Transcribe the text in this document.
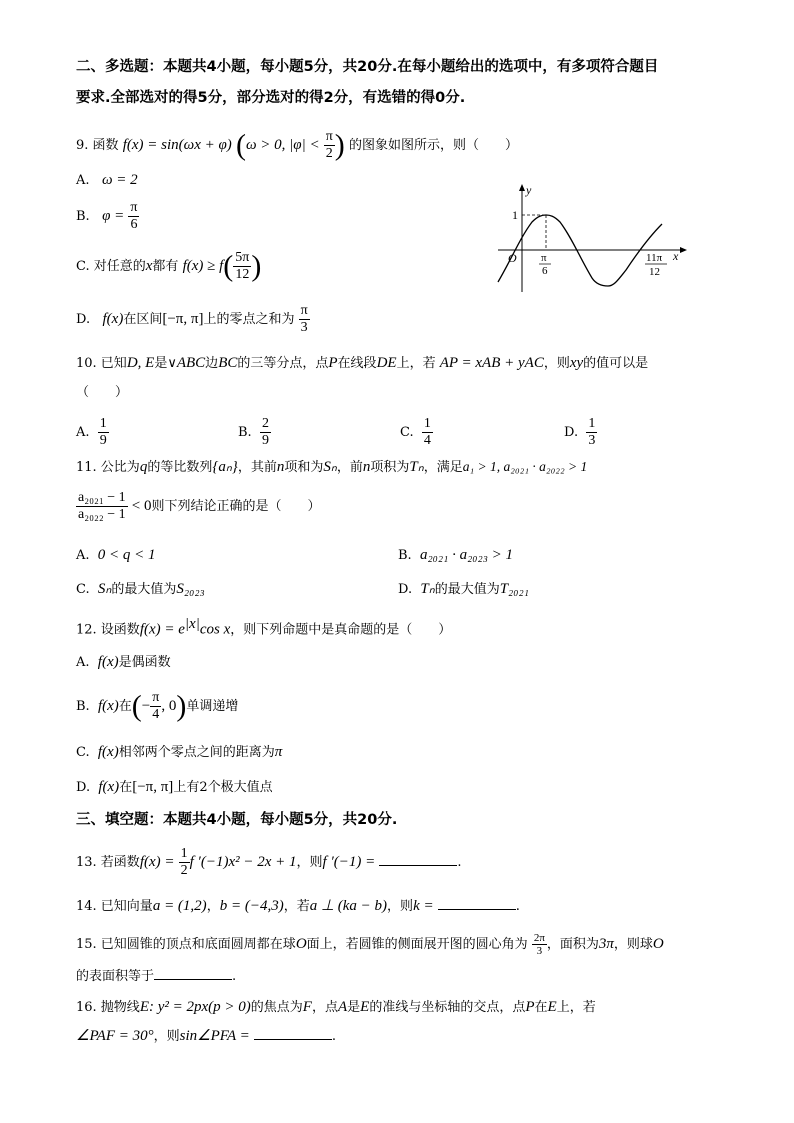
二、多选题：本题共4小题，每小题5分，共20分.在每小题给出的选项中，有多项符合题目
要求.全部选对的得5分，部分选对的得2分，有选错的得0分.
9. 函数 f(x) = sin(ωx + φ) (ω > 0, $|\varphi| < \frac{\pi}{2}$ ) 的图象如图所示，则（　　）
A. ω = 2
B. $\varphi = \frac{\pi}{6}$
C. 对任意的x都有 $f(x) \ge f( \frac{5\pi}{12}$ )
D. f(x)在区间[−π, π]上的零点之和为 $\frac{\pi}{3}$
y
x
O
1
π
6
11π
12
10. 已知D, E是∨ABC边BC的三等分点，点P在线段DE上，若 AP = xAB + yAC，则xy的值可以是
（　　）
A. $\frac{1}{9}$	B. $\frac{2}{9}$	C. $\frac{1}{4}$	D. $\frac{1}{3}$
11. 公比为q的等比数列{aₙ}，其前n项和为Sₙ，前n项积为Tₙ，满足a₁ > 1, a₂₀₂₁ · a₂₀₂₂ > 1
$\frac{\text{a₂₀₂₁ − 1}}{\text{a₂₀₂₂ − 1}} < 0$则下列结论正确的是（　　）
A. 0 < q < 1	B. a₂₀₂₁ · a₂₀₂₃ > 1
C. Sₙ的最大值为S₂₀₂₃	D. Tₙ的最大值为T₂₀₂₁
12. 设函数$f(x) = e^{|x|}\cos$ x，则下列命题中是真命题的是（　　）
A. f(x)是偶函数
B. f(x)在(− $\frac{\pi}{4}$ , 0)单调递增
C. f(x)相邻两个零点之间的距离为π
D. f(x)在[−π, π]上有2个极大值点
三、填空题：本题共4小题，每小题5分，共20分.
13. 若函数$f(x) = \frac{1}{2}$ f ′(−1)x² − 2x + 1，则f ′(−1) =	.
14. 已知向量a = (1,2)，b = (−4,3)，若a ⊥ (ka − b)，则k =	.
15. 已知圆锥的顶点和底面圆周都在球O面上，若圆锥的侧面展开图的圆心角为 $\frac{2\pi}{3}$ ，面积为3π，则球O
的表面积等于	.
16. 抛物线E: y² = 2px(p > 0)的焦点为F，点A是E的准线与坐标轴的交点，点P在E上，若
∠PAF = 30°，则sin∠PFA =	.
